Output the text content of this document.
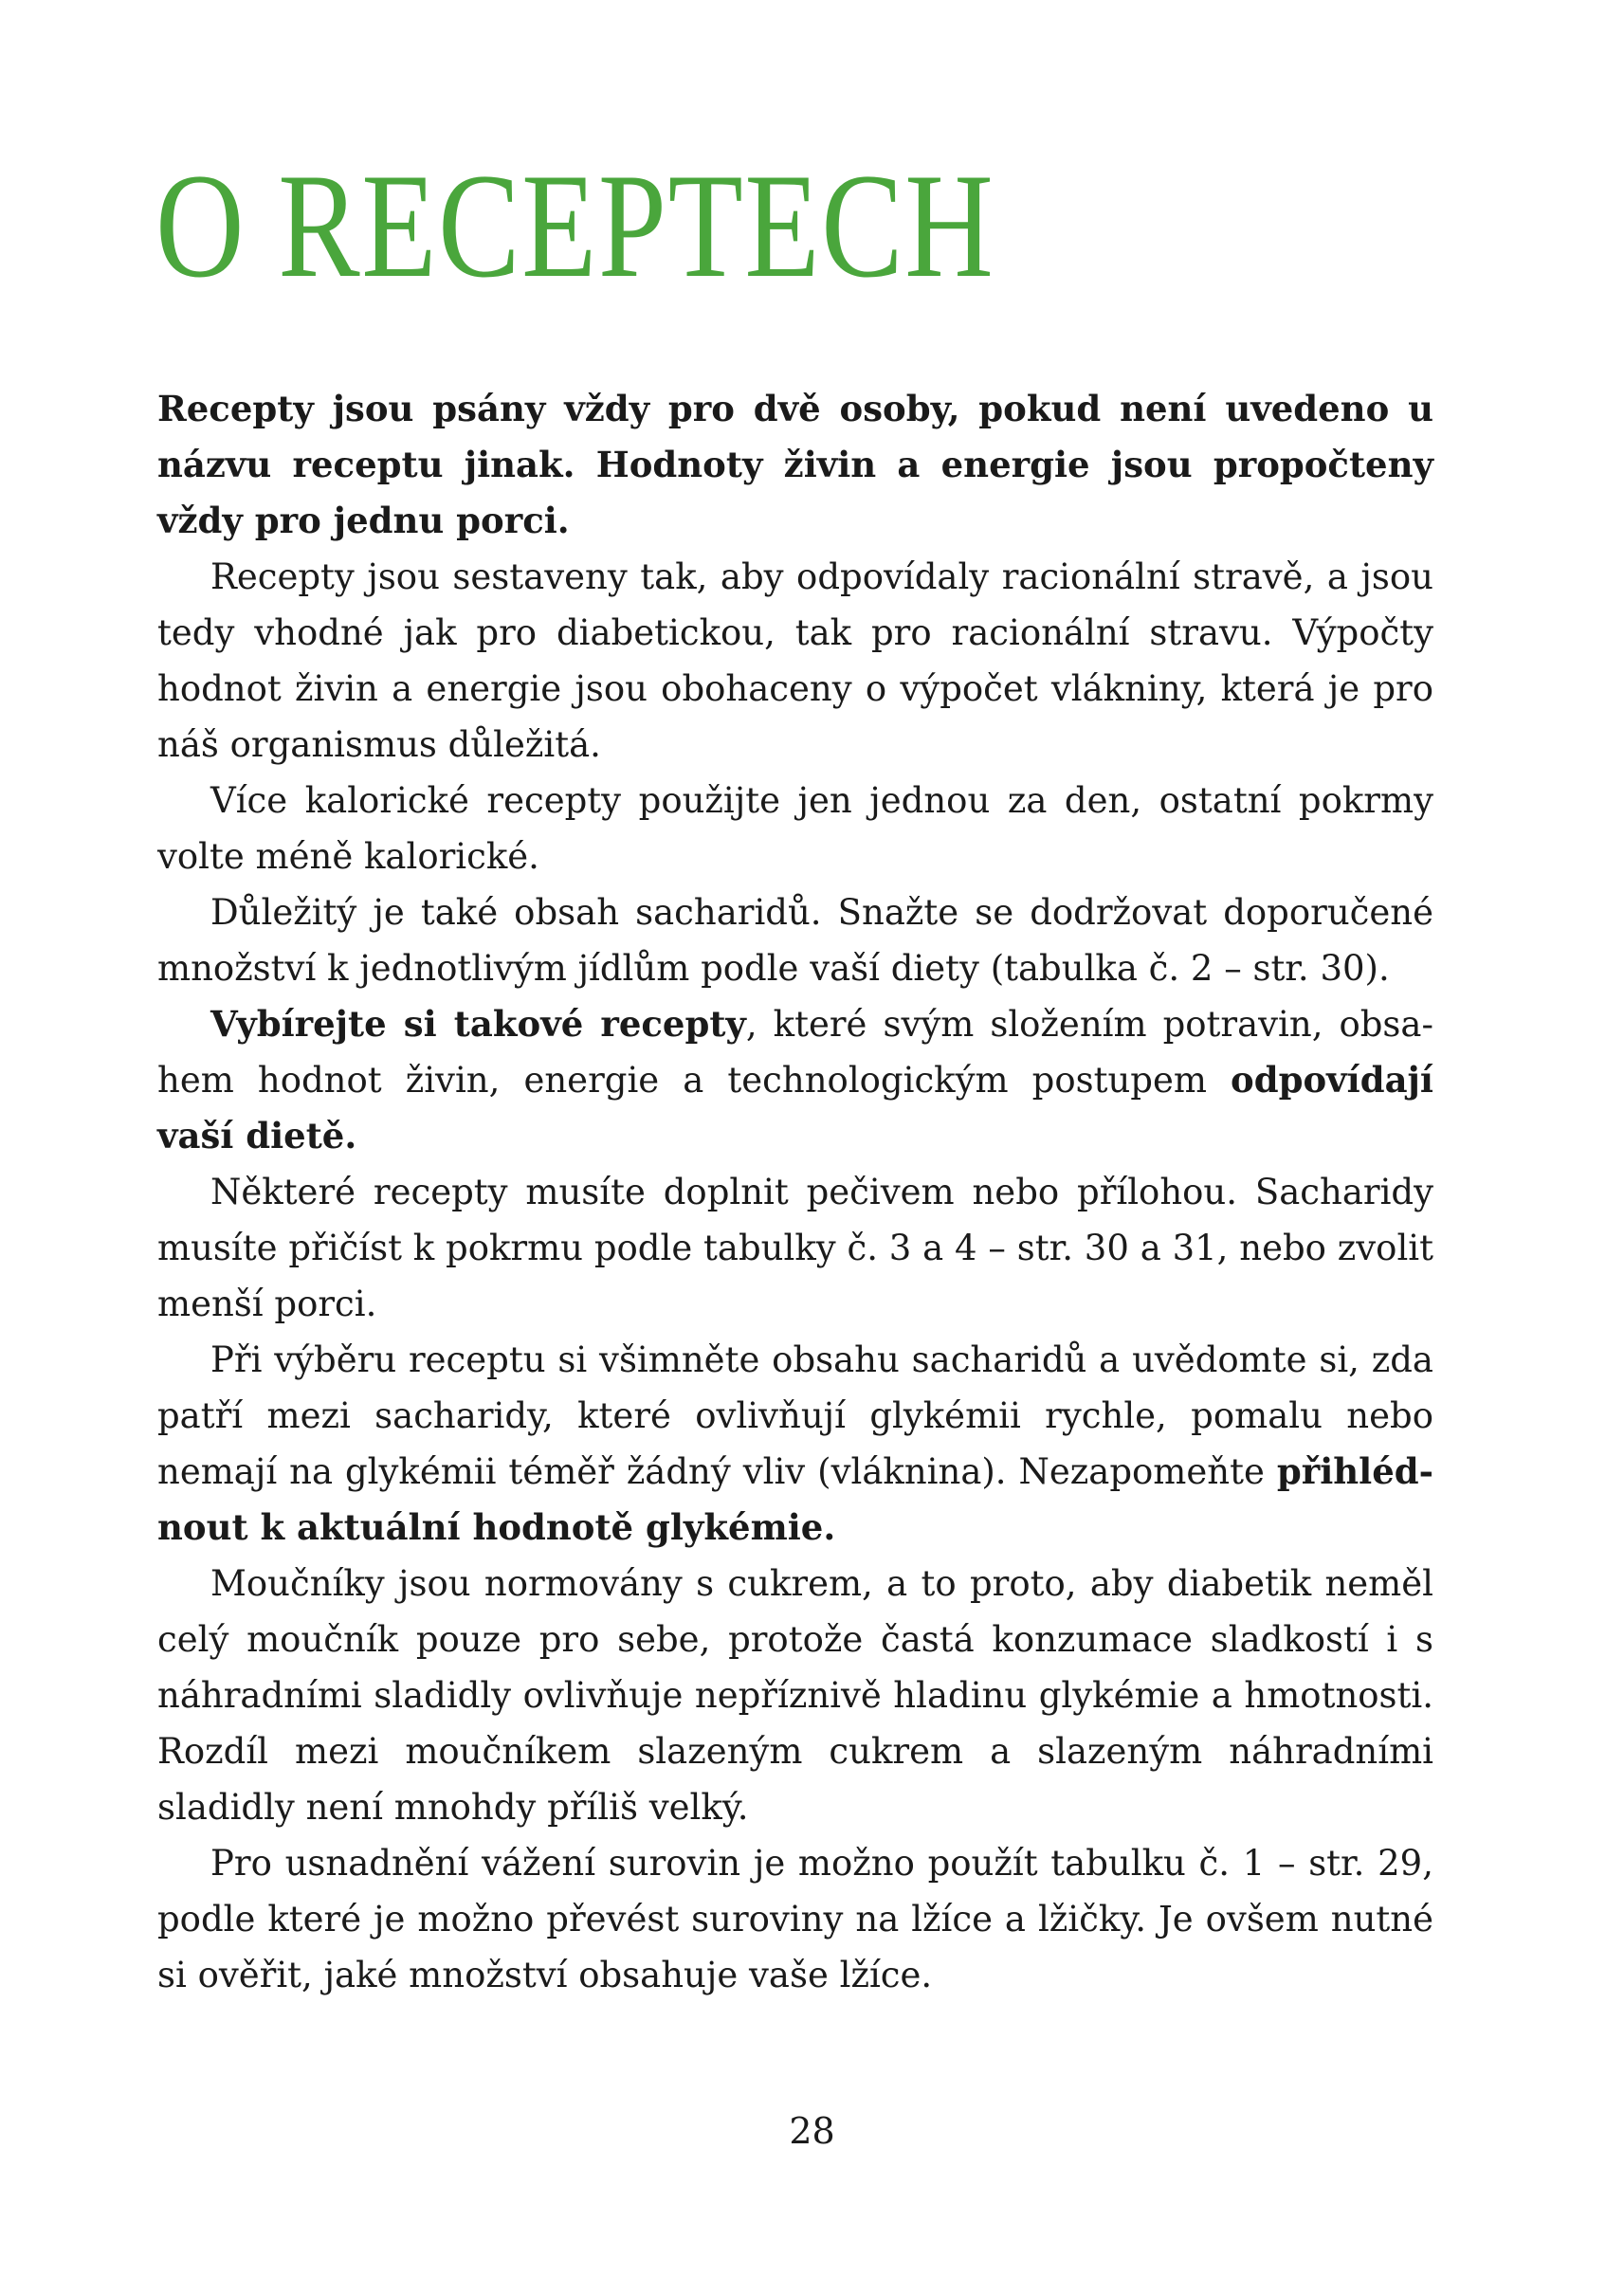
O RECEPTECH

Recepty jsou psány vždy pro dvě osoby, pokud není uvedeno u názvu receptu jinak. Hodnoty živin a energie jsou propočteny vždy pro jednu porci.

Recepty jsou sestaveny tak, aby odpovídaly racionální stravě, a jsou tedy vhodné jak pro diabetickou, tak pro racionální stravu. Výpočty hodnot živin a energie jsou obohaceny o výpočet vlákniny, která je pro náš organismus důležitá.

Více kalorické recepty použijte jen jednou za den, ostatní pokrmy volte méně kalorické.

Důležitý je také obsah sacharidů. Snažte se dodržovat doporučené množství k jednotlivým jídlům podle vaší diety (tabulka č. 2 – str. 30).

Vybírejte si takové recepty, které svým složením potravin, obsahem hodnot živin, energie a technologickým postupem odpovídají vaší dietě.

Některé recepty musíte doplnit pečivem nebo přílohou. Sacharidy musíte přičíst k pokrmu podle tabulky č. 3 a 4 – str. 30 a 31, nebo zvolit menší porci.

Při výběru receptu si všimněte obsahu sacharidů a uvědomte si, zda patří mezi sacharidy, které ovlivňují glykémii rychle, pomalu nebo nemají na glykémii téměř žádný vliv (vláknina). Nezapomeňte přihlédnout k aktuální hodnotě glykémie.

Moučníky jsou normovány s cukrem, a to proto, aby diabetik neměl celý moučník pouze pro sebe, protože častá konzumace sladkostí i s náhradními sladidly ovlivňuje nepříznivě hladinu glykémie a hmotnosti. Rozdíl mezi moučníkem slazeným cukrem a slazeným náhradními sladidly není mnohdy příliš velký.

Pro usnadnění vážení surovin je možno použít tabulku č. 1 – str. 29, podle které je možno převést suroviny na lžíce a lžičky. Je ovšem nutné si ověřit, jaké množství obsahuje vaše lžíce.

28
